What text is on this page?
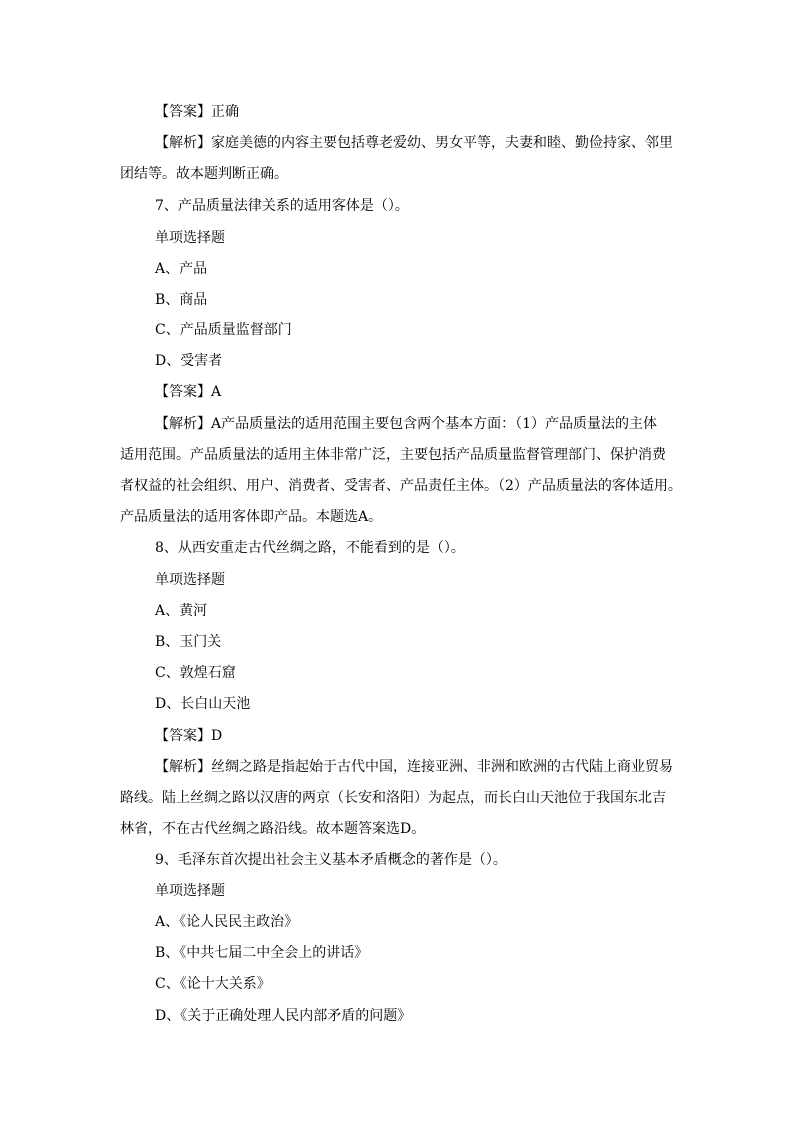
【答案】正确
【解析】家庭美德的内容主要包括尊老爱幼、男女平等，夫妻和睦、勤俭持家、邻里
团结等。故本题判断正确。
7、产品质量法律关系的适用客体是（）。
单项选择题
A、产品
B、商品
C、产品质量监督部门
D、受害者
【答案】A
【解析】A产品质量法的适用范围主要包含两个基本方面：（1）产品质量法的主体
适用范围。产品质量法的适用主体非常广泛，主要包括产品质量监督管理部门、保护消费
者权益的社会组织、用户、消费者、受害者、产品责任主体。（2）产品质量法的客体适用。
产品质量法的适用客体即产品。本题选A。
8、从西安重走古代丝绸之路，不能看到的是（）。
单项选择题
A、黄河
B、玉门关
C、敦煌石窟
D、长白山天池
【答案】D
【解析】丝绸之路是指起始于古代中国，连接亚洲、非洲和欧洲的古代陆上商业贸易
路线。陆上丝绸之路以汉唐的两京（长安和洛阳）为起点，而长白山天池位于我国东北吉
林省，不在古代丝绸之路沿线。故本题答案选D。
9、毛泽东首次提出社会主义基本矛盾概念的著作是（）。
单项选择题
A、《论人民民主政治》
B、《中共七届二中全会上的讲话》
C、《论十大关系》
D、《关于正确处理人民内部矛盾的问题》
